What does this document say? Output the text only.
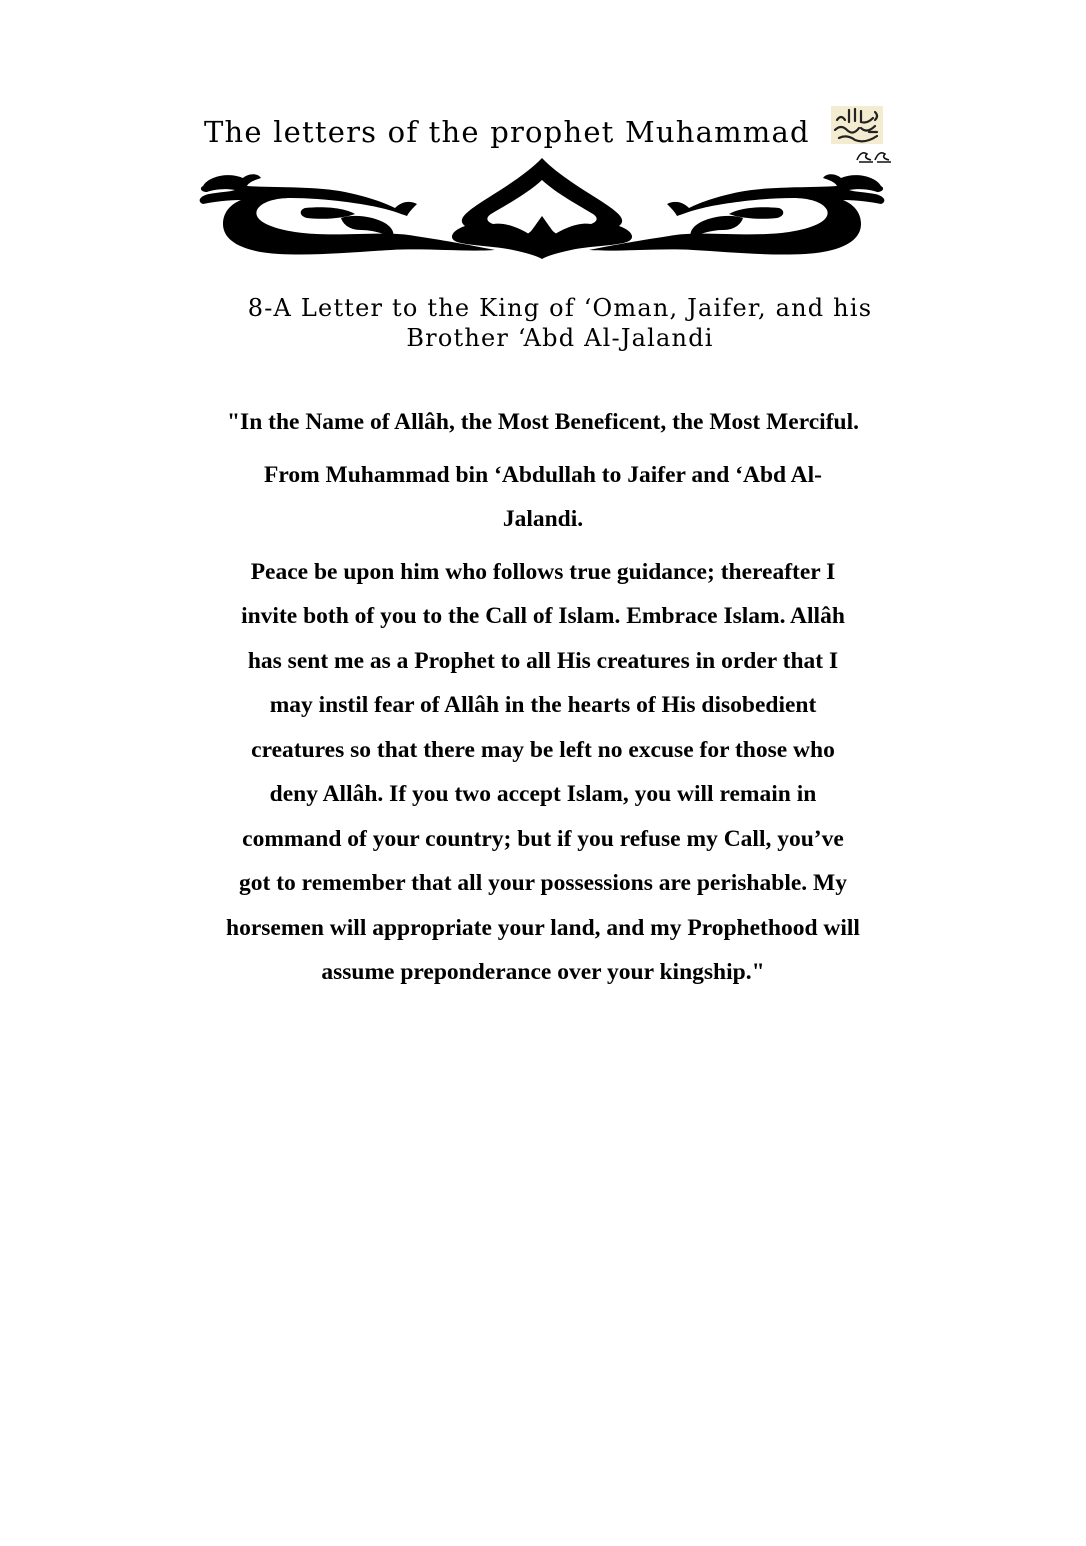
The letters of the prophet Muhammad
8-A Letter to the King of ‘Oman, Jaifer, and his
Brother ‘Abd Al-Jalandi

"In the Name of Allâh, the Most Beneficent, the Most Merciful.

From Muhammad bin ‘Abdullah to Jaifer and ‘Abd Al-
Jalandi.

Peace be upon him who follows true guidance; thereafter I
invite both of you to the Call of Islam. Embrace Islam. Allâh
has sent me as a Prophet to all His creatures in order that I
may instil fear of Allâh in the hearts of His disobedient
creatures so that there may be left no excuse for those who
deny Allâh. If you two accept Islam, you will remain in
command of your country; but if you refuse my Call, you’ve
got to remember that all your possessions are perishable. My
horsemen will appropriate your land, and my Prophethood will
assume preponderance over your kingship."
